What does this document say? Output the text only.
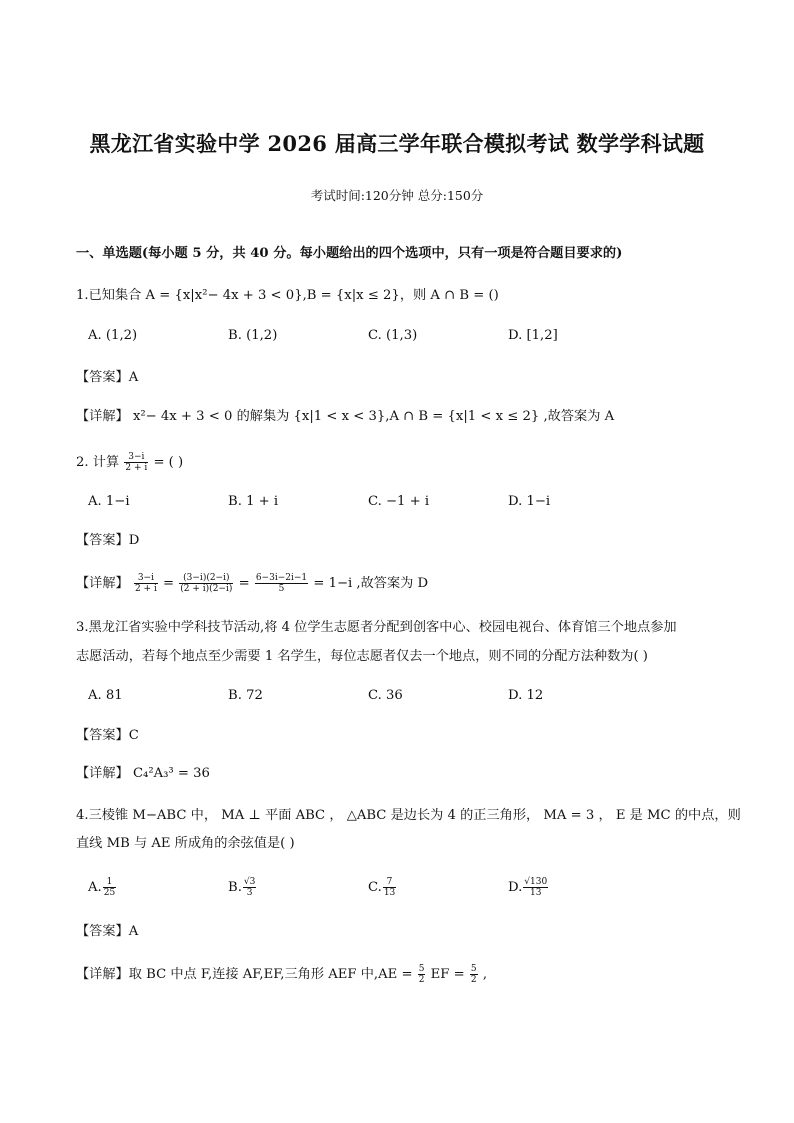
黑龙江省实验中学 2026 届高三学年联合模拟考试 数学学科试题
考试时间:120分钟 总分:150分
一、单选题(每小题 5 分，共 40 分。每小题给出的四个选项中，只有一项是符合题目要求的)
1.已知集合 A = {x|x²− 4x + 3 < 0},B = {x|x ≤ 2}，则 A ∩ B = ()
A. (1,2)	B. (1,2)	C. (1,3)	D. [1,2]
【答案】A
【详解】 x²− 4x + 3 < 0 的解集为 {x|1 < x < 3},A ∩ B = {x|1 < x ≤ 2} ,故答案为 A
2. 计算 $\frac{3-i}{2 + i}$ = ( )
A. 1−i	B. 1 + i	C. −1 + i	D. 1−i
【答案】D
【详解】 $\frac{3-i}{2 + i} = \frac{(3-i)(2-i)}{(2 + i)(2-i)} = \frac{6-3i-2i-1}{5} = 1-i$ ,故答案为 D
3.黑龙江省实验中学科技节活动,将 4 位学生志愿者分配到创客中心、校园电视台、体育馆三个地点参加
志愿活动，若每个地点至少需要 1 名学生，每位志愿者仅去一个地点，则不同的分配方法种数为( )
A. 81	B. 72	C. 36	D. 12
【答案】C
【详解】 C₄²A₃³ = 36
4.三棱锥 M−ABC 中， MA ⊥ 平面 ABC ， △ABC 是边长为 4 的正三角形， MA = 3 ， E 是 MC 的中点，则
直线 MB 与 AE 所成角的余弦值是( )
A. $\frac{1}{25}$	B. $\frac{√3}{3}$	C. $\frac{7}{13}$	D. $\frac{√130}{13}$
【答案】A
【详解】取 BC 中点 F,连接 AF,EF,三角形 AEF 中$,AE = \frac{5}{2}$ EF = $\frac{5}{2}$ ,
